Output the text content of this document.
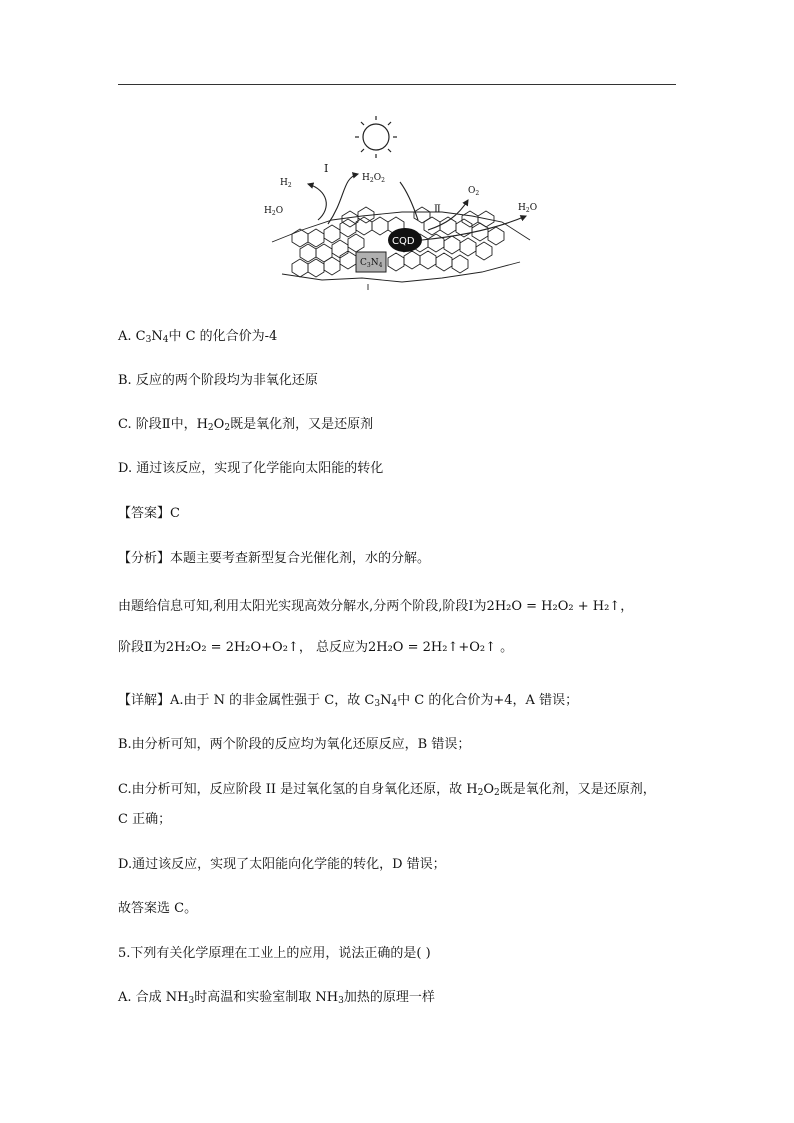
$C_3N_4$
CQD
$H_2$
$H_2O$
$H_2O_2$
$O_2$
$H_2O$
I
Ⅱ
A. $C_3N_4$中 C 的化合价为-4
B. 反应的两个阶段均为非氧化还原
C. 阶段Ⅱ中，$H_2O_2$既是氧化剂，又是还原剂
D. 通过该反应，实现了化学能向太阳能的转化
【答案】C
【分析】本题主要考查新型复合光催化剂，水的分解。
由题给信息可知,利用太阳光实现高效分解水,分两个阶段,阶段Ⅰ为2H₂O = H₂O₂ + H₂↑，
阶段Ⅱ为2H₂O₂ = 2H₂O+O₂↑， 总反应为2H₂O = 2H₂↑+O₂↑ 。
【详解】A.由于 N 的非金属性强于 C，故 $C_3N_4$中 C 的化合价为+4，A 错误；
B.由分析可知，两个阶段的反应均为氧化还原反应，B 错误；
C.由分析可知，反应阶段 II 是过氧化氢的自身氧化还原，故 $H_2O_2$既是氧化剂，又是还原剂，
C 正确；
D.通过该反应，实现了太阳能向化学能的转化，D 错误；
故答案选 C。
5.下列有关化学原理在工业上的应用，说法正确的是( )
A. 合成 $NH_3$时高温和实验室制取 $NH_3$加热的原理一样
